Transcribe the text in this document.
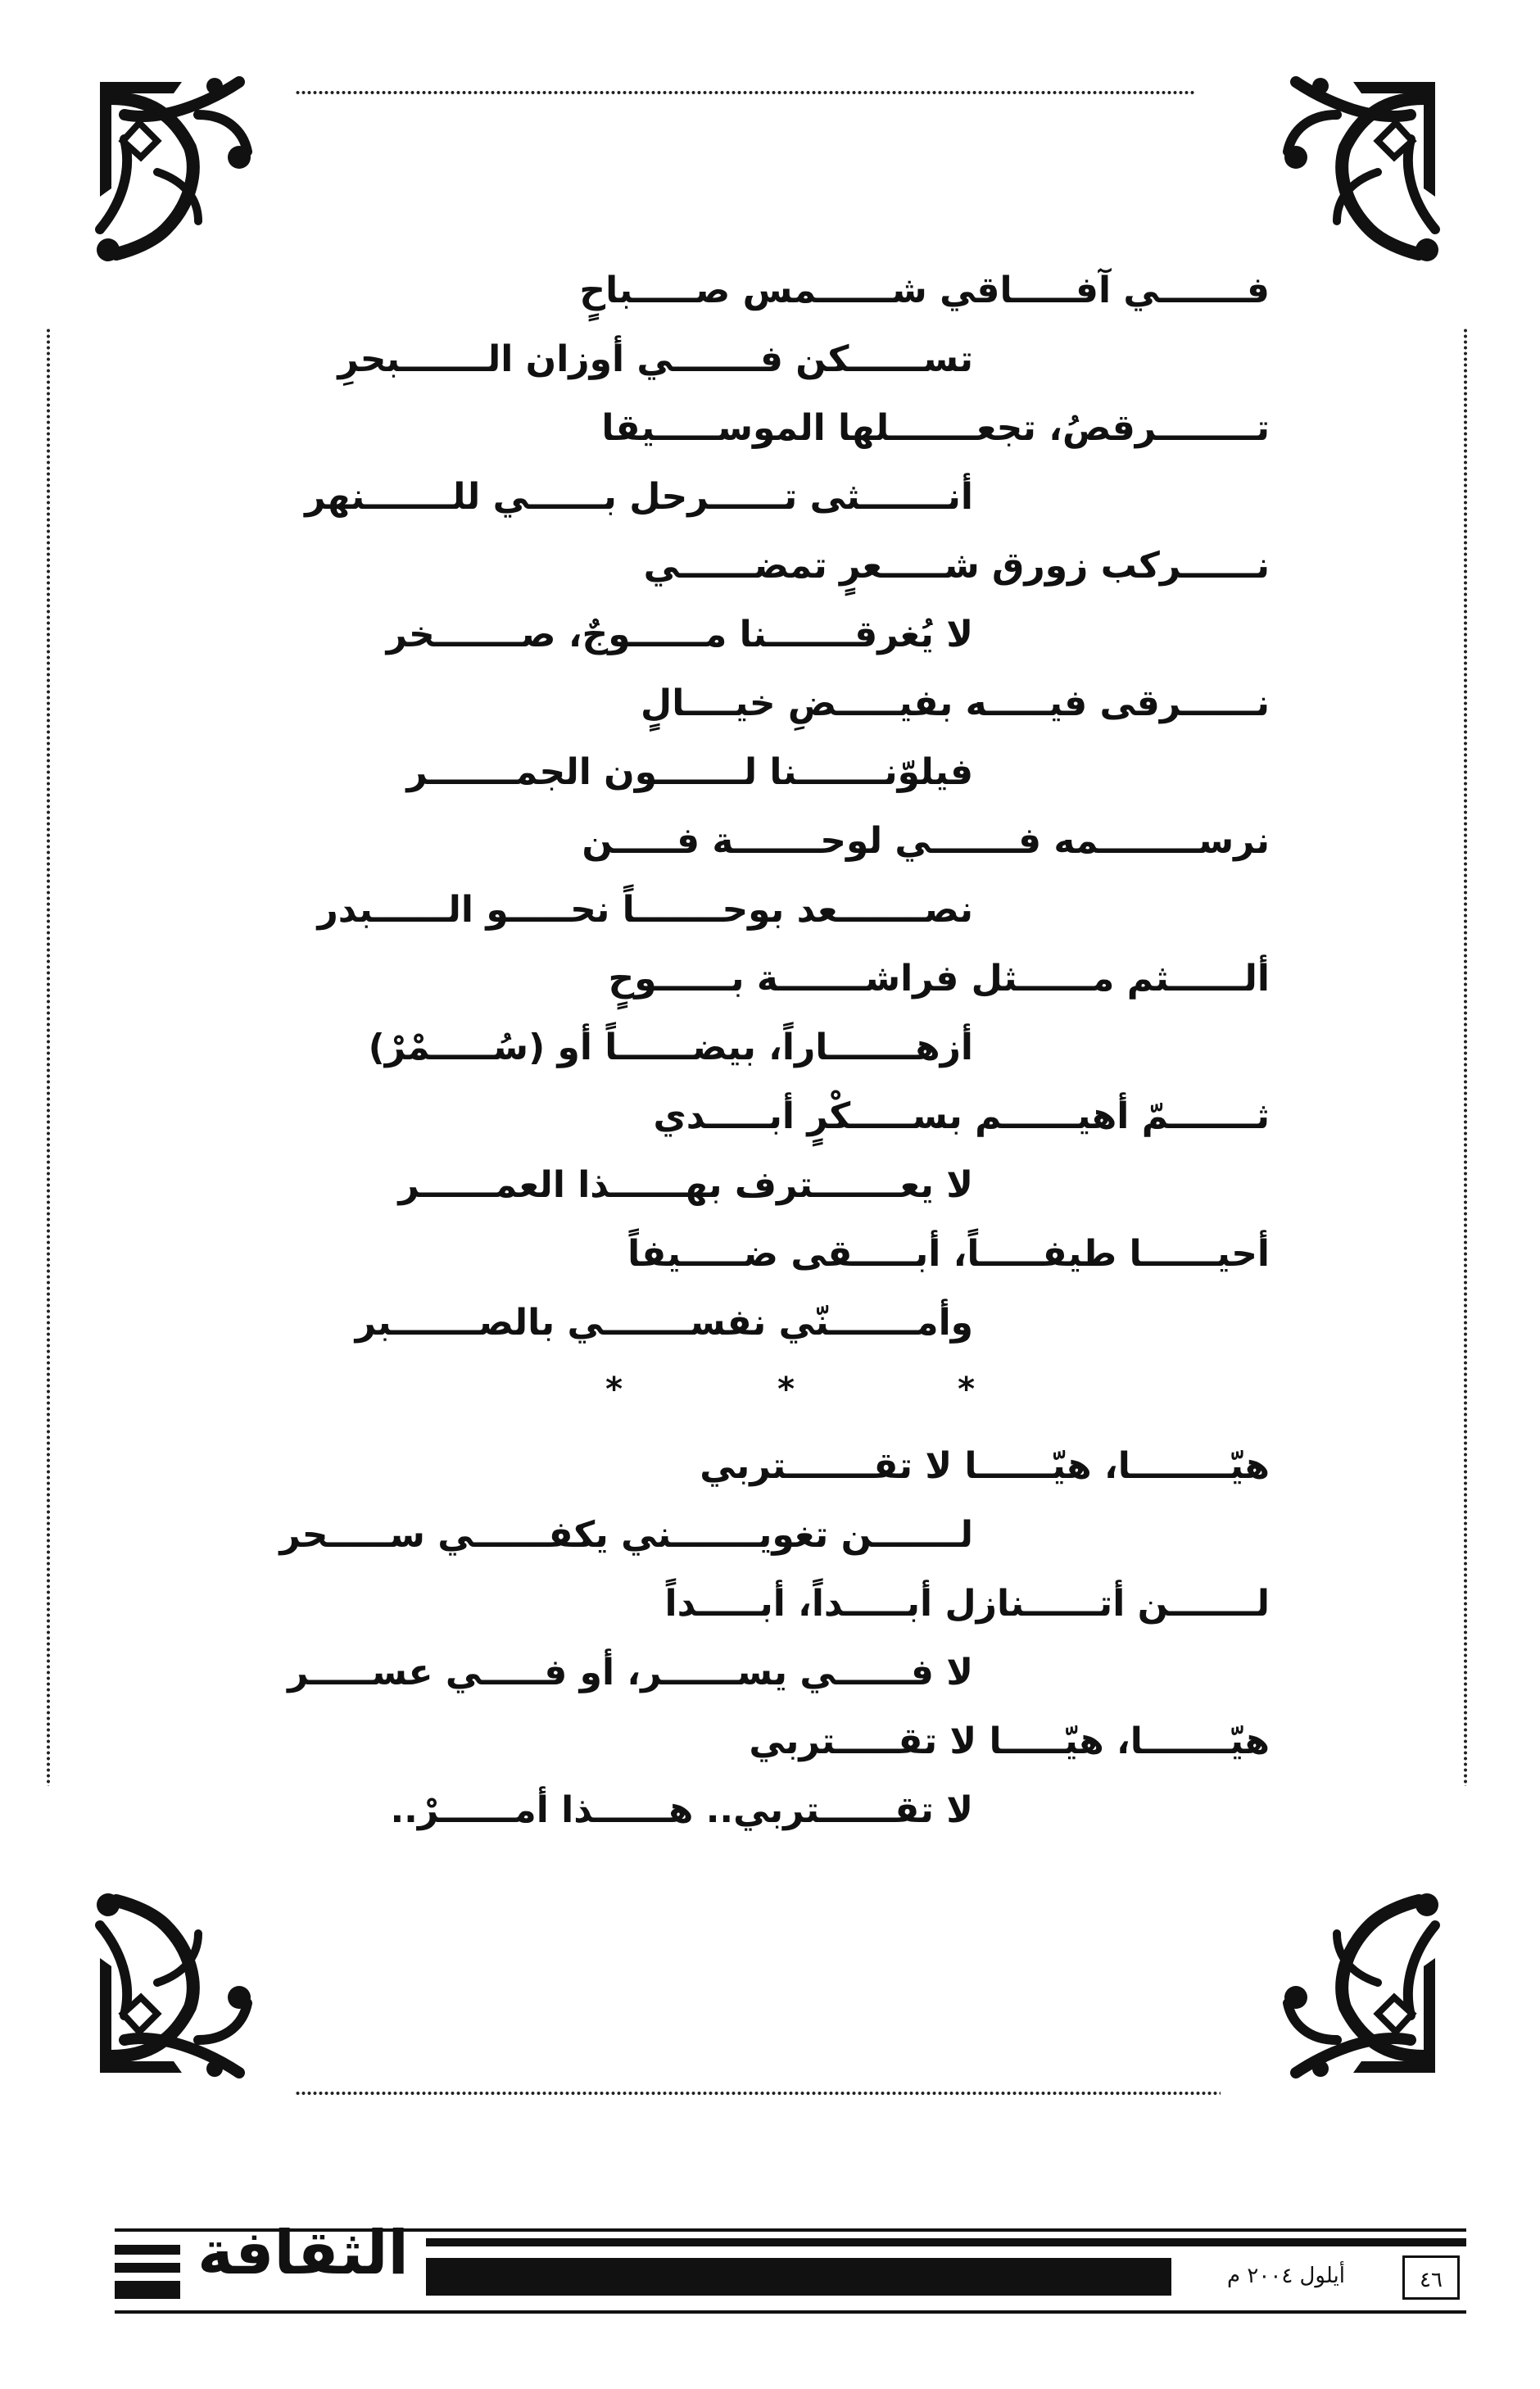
فـــــــي آفـــــاقي شــــــمس صـــــباحٍ
تســــــكن فـــــــي أوزان الـــــــبحرِ
تــــــــرقصُ، تجعـــــــلها الموســـــيقا
أنـــــــثى تــــــرحل بــــــي للـــــــنهر
نــــــركب زورق شـــــعرٍ تمضــــــي
لا يُغرقـــــــنا مــــــوجٌ، صـــــــخر
نــــــرقى فيـــــه بفيـــــضِ خيــــالٍ
فيلوّنـــــــنا لـــــــون الجمـــــــر
نرســــــــمه فـــــــي لوحـــــــة فـــــن
نصـــــــعد بوحـــــــاً نحـــــو الــــــبدر
ألــــــثم مــــــثل فراشـــــــة بــــــوحٍ
أزهـــــــاراً، بيضــــــاً أو (سُـــــمْرْ)
ثـــــــمّ أهيــــــم بســـــكْرٍ أبـــــدي
لا يعـــــــترف بهــــــذا العمــــــر
أحيــــــا طيفـــــاً، أبـــــقى ضـــــيفاً
وأمـــــــنّي نفســـــــي بالصـــــــبر
*
*
*
هيّــــــــا، هيّــــــا لا تقـــــــتربي
لـــــــن تغويـــــــني يكفــــــي ســـــحر
لـــــــن أتــــــنازل أبـــــداً، أبـــــداً
لا فــــــي يســــــر، أو فـــــي عســـــر
هيّـــــــا، هيّـــــا لا تقـــــتربي
لا تقــــــتربي.. هــــــذا أمــــــرْ..
الثقافة	أيلول ٢٠٠٤ م	٤٦
